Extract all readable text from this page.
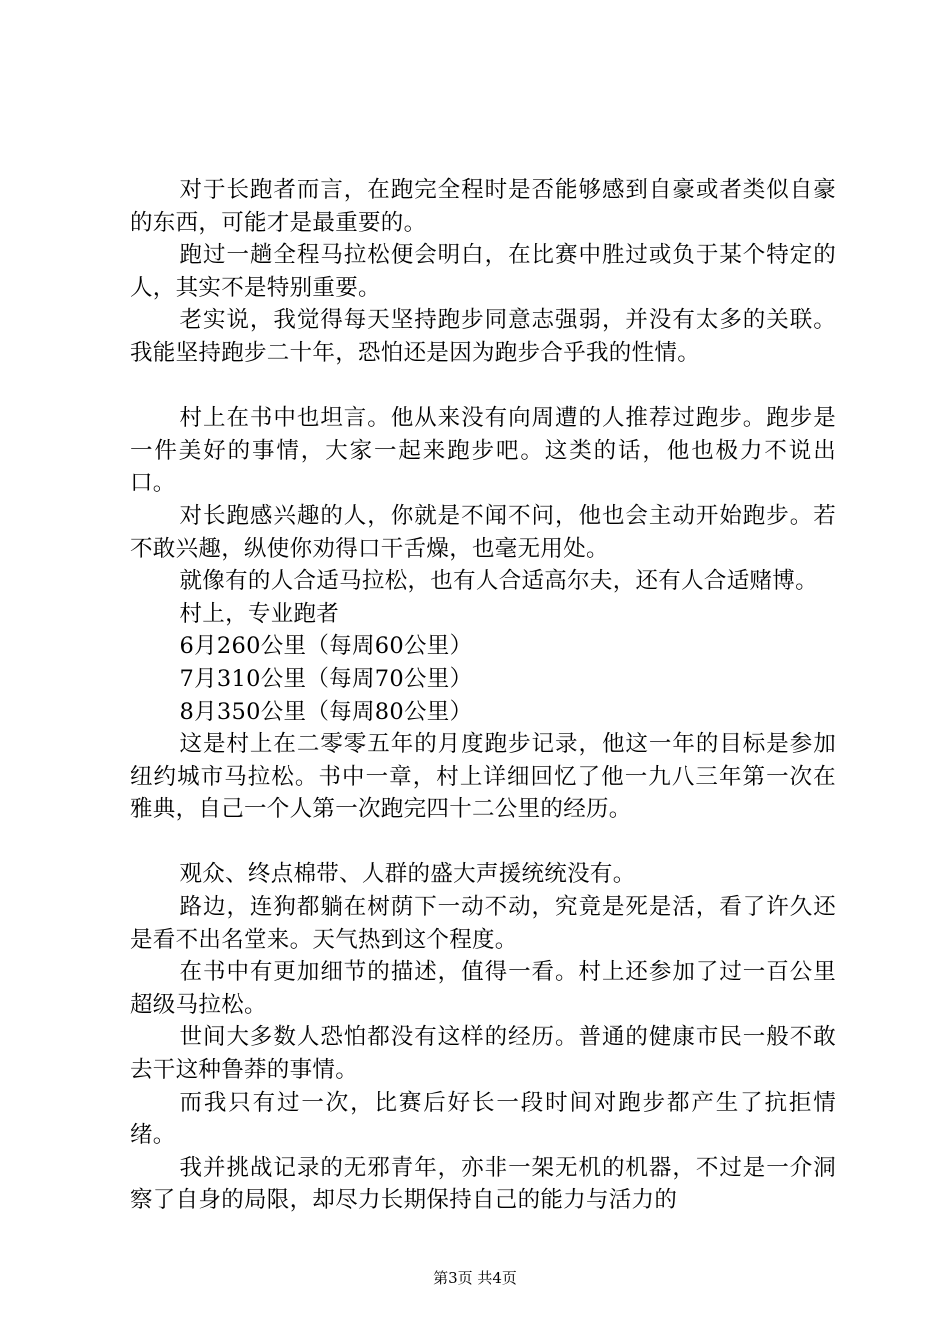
对于长跑者而言，在跑完全程时是否能够感到自豪或者类似自豪的东西，可能才是最重要的。

跑过一趟全程马拉松便会明白，在比赛中胜过或负于某个特定的人，其实不是特别重要。

老实说，我觉得每天坚持跑步同意志强弱，并没有太多的关联。我能坚持跑步二十年，恐怕还是因为跑步合乎我的性情。

村上在书中也坦言。他从来没有向周遭的人推荐过跑步。跑步是一件美好的事情，大家一起来跑步吧。这类的话，他也极力不说出口。

对长跑感兴趣的人，你就是不闻不问，他也会主动开始跑步。若不敢兴趣，纵使你劝得口干舌燥，也毫无用处。

就像有的人合适马拉松，也有人合适高尔夫，还有人合适赌博。

村上，专业跑者

6月260公里（每周60公里）

7月310公里（每周70公里）

8月350公里（每周80公里）

这是村上在二零零五年的月度跑步记录，他这一年的目标是参加纽约城市马拉松。书中一章，村上详细回忆了他一九八三年第一次在雅典，自己一个人第一次跑完四十二公里的经历。

观众、终点棉带、人群的盛大声援统统没有。

路边，连狗都躺在树荫下一动不动，究竟是死是活，看了许久还是看不出名堂来。天气热到这个程度。

在书中有更加细节的描述，值得一看。村上还参加了过一百公里超级马拉松。

世间大多数人恐怕都没有这样的经历。普通的健康市民一般不敢去干这种鲁莽的事情。

而我只有过一次，比赛后好长一段时间对跑步都产生了抗拒情绪。

我并挑战记录的无邪青年，亦非一架无机的机器，不过是一介洞察了自身的局限，却尽力长期保持自己的能力与活力的

第3页 共4页
